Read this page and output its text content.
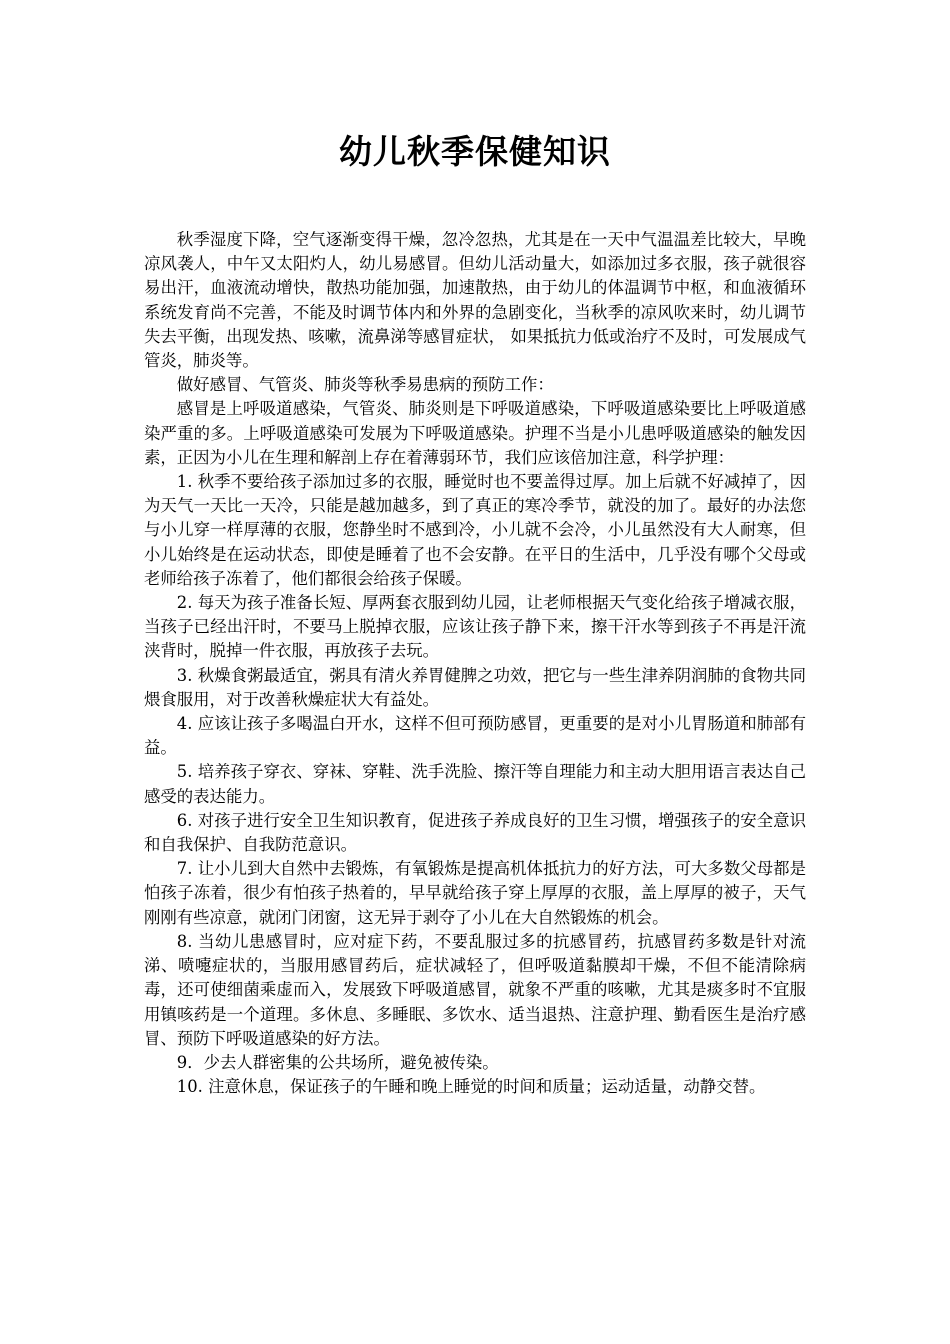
幼儿秋季保健知识

秋季湿度下降，空气逐渐变得干燥，忽冷忽热，尤其是在一天中气温温差比较大，早晚凉风袭人，中午又太阳灼人，幼儿易感冒。但幼儿活动量大，如添加过多衣服，孩子就很容易出汗，血液流动增快，散热功能加强，加速散热，由于幼儿的体温调节中枢，和血液循环系统发育尚不完善，不能及时调节体内和外界的急剧变化，当秋季的凉风吹来时，幼儿调节失去平衡，出现发热、咳嗽，流鼻涕等感冒症状， 如果抵抗力低或治疗不及时，可发展成气管炎，肺炎等。

做好感冒、气管炎、肺炎等秋季易患病的预防工作：

感冒是上呼吸道感染，气管炎、肺炎则是下呼吸道感染，下呼吸道感染要比上呼吸道感染严重的多。上呼吸道感染可发展为下呼吸道感染。护理不当是小儿患呼吸道感染的触发因素，正因为小儿在生理和解剖上存在着薄弱环节，我们应该倍加注意，科学护理：

1. 秋季不要给孩子添加过多的衣服，睡觉时也不要盖得过厚。加上后就不好减掉了，因为天气一天比一天冷，只能是越加越多，到了真正的寒冷季节，就没的加了。最好的办法您与小儿穿一样厚薄的衣服，您静坐时不感到冷，小儿就不会冷，小儿虽然没有大人耐寒，但小儿始终是在运动状态，即使是睡着了也不会安静。在平日的生活中，几乎没有哪个父母或老师给孩子冻着了，他们都很会给孩子保暖。

2. 每天为孩子准备长短、厚两套衣服到幼儿园，让老师根据天气变化给孩子增减衣服，当孩子已经出汗时，不要马上脱掉衣服，应该让孩子静下来，擦干汗水等到孩子不再是汗流浃背时，脱掉一件衣服，再放孩子去玩。

3. 秋燥食粥最适宜，粥具有清火养胃健脾之功效，把它与一些生津养阴润肺的食物共同煨食服用，对于改善秋燥症状大有益处。

4. 应该让孩子多喝温白开水，这样不但可预防感冒，更重要的是对小儿胃肠道和肺部有益。

5. 培养孩子穿衣、穿袜、穿鞋、洗手洗脸、擦汗等自理能力和主动大胆用语言表达自己感受的表达能力。

6. 对孩子进行安全卫生知识教育，促进孩子养成良好的卫生习惯，增强孩子的安全意识和自我保护、自我防范意识。

7. 让小儿到大自然中去锻炼，有氧锻炼是提高机体抵抗力的好方法，可大多数父母都是怕孩子冻着，很少有怕孩子热着的，早早就给孩子穿上厚厚的衣服，盖上厚厚的被子，天气刚刚有些凉意，就闭门闭窗，这无异于剥夺了小儿在大自然锻炼的机会。

8. 当幼儿患感冒时，应对症下药，不要乱服过多的抗感冒药，抗感冒药多数是针对流涕、喷嚏症状的，当服用感冒药后，症状减轻了，但呼吸道黏膜却干燥，不但不能清除病毒，还可使细菌乘虚而入，发展致下呼吸道感冒，就象不严重的咳嗽，尤其是痰多时不宜服用镇咳药是一个道理。多休息、多睡眠、多饮水、适当退热、注意护理、勤看医生是治疗感冒、预防下呼吸道感染的好方法。

9．少去人群密集的公共场所，避免被传染。

10. 注意休息，保证孩子的午睡和晚上睡觉的时间和质量；运动适量，动静交替。
